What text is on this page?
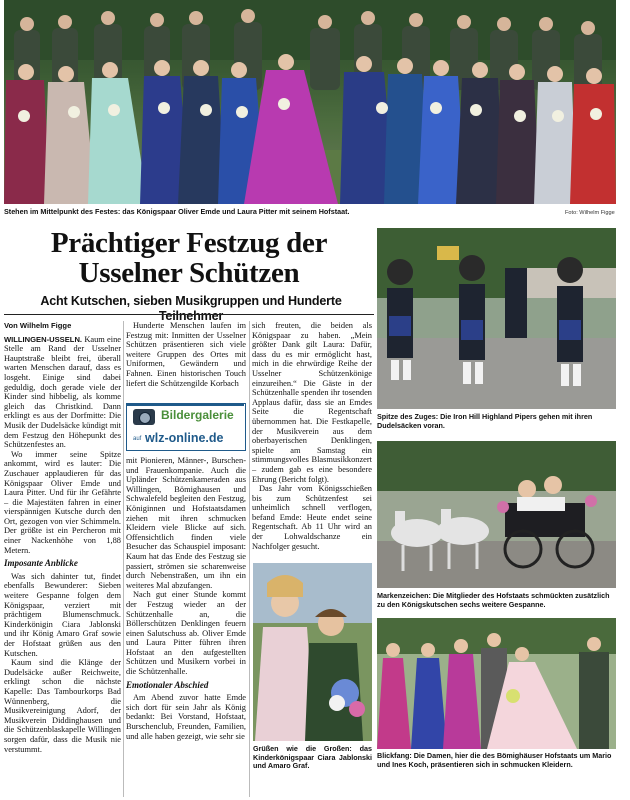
Stehen im Mittelpunkt des Festes: das Königspaar Oliver Emde und Laura Pitter mit seinem Hofstaat.	Foto: Wilhelm Figge
Prächtiger Festzug der
Usselner Schützen
Acht Kutschen, sieben Musikgruppen und Hunderte Teilnehmer
Von Wilhelm Figge

WILLINGEN-USSELN. Kaum eine Stelle am Rand der Usselner Hauptstraße bleibt frei, überall warten Menschen darauf, dass es losgeht. Einige sind dabei geduldig, doch gerade viele der Kinder sind hibbelig, als komme gleich das Christkind. Dann erklingt es aus der Dorfmitte: Die Musik der Dudelsäcke kündigt mit dem Festzug den Höhepunkt des Schützenfestes an.

Wo immer seine Spitze ankommt, wird es lauter: Die Zuschauer applaudieren für das Königspaar Oliver Emde und Laura Pitter. Und für ihr Gefährte – die Majestäten fahren in einer vierspännigen Kutsche durch den Ort, gezogen von vier Schimmeln. Der größte ist ein Percheron mit einer Nackenhöhe von 1,88 Metern.

Imposante Anblicke

Was sich dahinter tut, findet ebenfalls Bewunderer: Sieben weitere Gespanne folgen dem Königspaar, verziert mit prächtigem Blumenschmuck. Kinderkönigin Ciara Jablonski und ihr König Amaro Graf sowie der Hofstaat grüßen aus den Kutschen.

Kaum sind die Klänge der Dudelsäcke außer Reichweite, erklingt schon die nächste Kapelle: Das Tambourkorps Bad Wünnenberg, die Musikvereinigung Adorf, der Musikverein Diddinghausen und die Schützenblaskapelle Willingen sorgen dafür, dass die Musik nie verstummt.

Hunderte Menschen laufen im Festzug mit: Inmitten der Usselner Schützen präsentieren sich viele weitere Gruppen des Ortes mit Uniformen, Gewändern und Fahnen. Einen historischen Touch liefert die Schützengilde Korbach

Bildergalerie
auf wlz-online.de

mit Pionieren, Männer-, Burschen- und Frauenkompanie. Auch die Upländer Schützenkameraden aus Willingen, Bömighausen und Schwalefeld begleiten den Festzug, Königinnen und Hofstaatsdamen ziehen mit ihren schmucken Kleidern viele Blicke auf sich. Offensichtlich finden viele Besucher das Schauspiel imposant: Kaum hat das Ende des Festzug sie passiert, strömen sie scharenweise durch Nebenstraßen, um ihn ein weiteres Mal abzufangen.

Nach gut einer Stunde kommt der Festzug wieder an der Schützenhalle an, die Böllerschützen Denklingen feuern einen Salutschuss ab. Oliver Emde und Laura Pitter führen ihren Hofstaat an den aufgestellten Schützen und Musikern vorbei in die Schützenhalle.

Emotionaler Abschied

Am Abend zuvor hatte Emde sich dort für sein Jahr als König bedankt: Bei Vorstand, Hofstaat, Burschenclub, Freunden, Familien, und alle haben gezeigt, wie sehr sie

sich freuten, die beiden als Königspaar zu haben. „Mein größter Dank gilt Laura: Dafür, dass du es mir ermöglicht hast, mich in die ehrwürdige Reihe der Usselner Schützenkönige einzureihen.“ Die Gäste in der Schützenhalle spenden ihr tosenden Applaus dafür, dass sie an Emdes Seite die Regentschaft übernommen hat. Die Festkapelle, der Musikverein aus dem oberbayerischen Denklingen, spielte am Samstag ein stimmungsvolles Blasmusikkonzert – zudem gab es eine besondere Ehrung (Bericht folgt).

Das Jahr vom Königsschießen bis zum Schützenfest sei unheimlich schnell verflogen, befand Emde: Heute endet seine Regentschaft. Ab 11 Uhr wird an der Lohwaldschanze ein Nachfolger gesucht.

Grüßen wie die Großen: das Kinderkönigspaar Ciara Jablonski und Amaro Graf.
Spitze des Zuges: Die Iron Hill Highland Pipers gehen mit ihren Dudelsäcken voran.
Markenzeichen: Die Mitglieder des Hofstaats schmückten zusätzlich zu den Königskutschen sechs weitere Gespanne.
Blickfang: Die Damen, hier die des Bömighäuser Hofstaats um Mario und Ines Koch, präsentieren sich in schmucken Kleidern.
